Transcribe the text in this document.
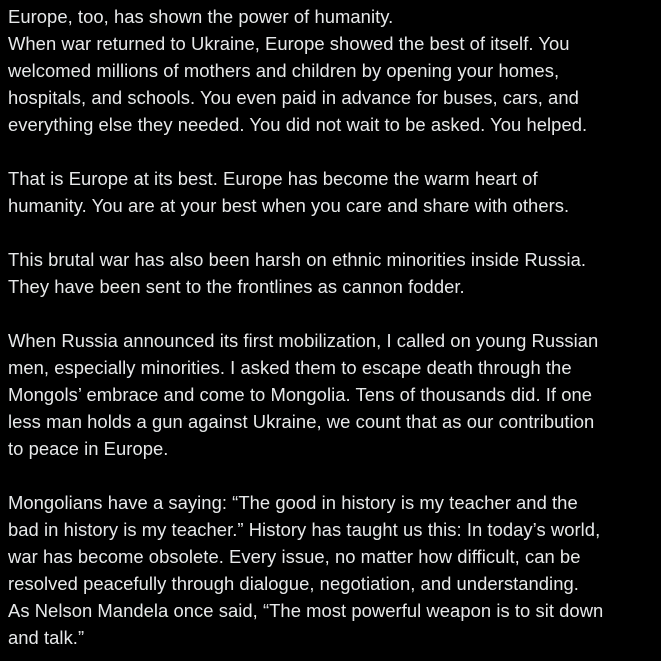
Europe, too, has shown the power of humanity.
When war returned to Ukraine, Europe showed the best of itself. You
welcomed millions of mothers and children by opening your homes,
hospitals, and schools. You even paid in advance for buses, cars, and
everything else they needed. You did not wait to be asked. You helped.
That is Europe at its best. Europe has become the warm heart of
humanity. You are at your best when you care and share with others.
This brutal war has also been harsh on ethnic minorities inside Russia.
They have been sent to the frontlines as cannon fodder.
When Russia announced its first mobilization, I called on young Russian
men, especially minorities. I asked them to escape death through the
Mongols’ embrace and come to Mongolia. Tens of thousands did. If one
less man holds a gun against Ukraine, we count that as our contribution
to peace in Europe.
Mongolians have a saying: “The good in history is my teacher and the
bad in history is my teacher.” History has taught us this: In today’s world,
war has become obsolete. Every issue, no matter how difficult, can be
resolved peacefully through dialogue, negotiation, and understanding.
As Nelson Mandela once said, “The most powerful weapon is to sit down
and talk.”
